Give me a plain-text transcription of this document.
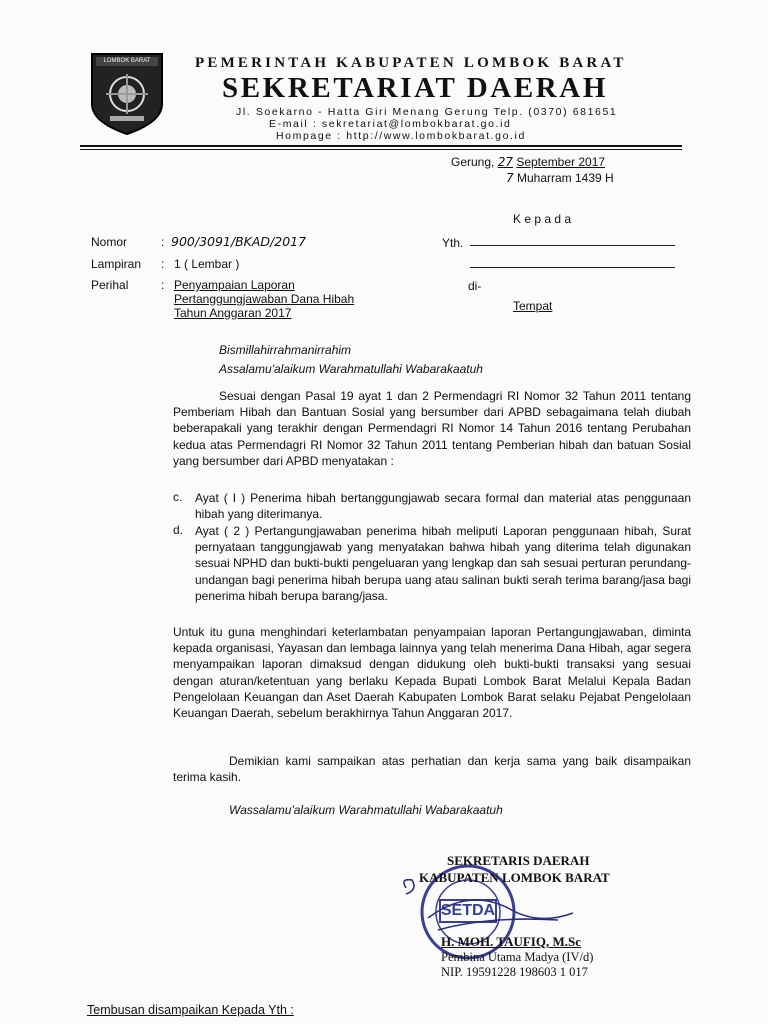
LOMBOK BARAT	PEMERINTAH KABUPATEN LOMBOK BARAT
SEKRETARIAT DAERAH
Jl. Soekarno - Hatta Giri Menang Gerung Telp. (0370) 681651
E-mail : sekretariat@lombokbarat.go.id
Hompage : http://www.lombokbarat.go.id
Gerung, 27 September 2017
7 Muharram 1439 H
K e p a d a
Yth.
di-
Tempat
Nomor	: 900/3091/BKAD/2017
Lampiran : 1 ( Lembar )
Perihal	: Penyampaian Laporan
Pertanggungjawaban Dana Hibah
Tahun Anggaran 2017
Bismillahirrahmanirrahim
Assalamu'alaikum Warahmatullahi Wabarakaatuh
Sesuai dengan Pasal 19 ayat 1 dan 2 Permendagri RI Nomor 32 Tahun 2011 tentang Pemberiam Hibah dan Bantuan Sosial yang bersumber dari APBD sebagaimana telah diubah beberapakali yang terakhir dengan Permendagri RI Nomor 14 Tahun 2016 tentang Perubahan kedua atas Permendagri RI Nomor 32 Tahun 2011 tentang Pemberian hibah dan batuan Sosial yang bersumber dari APBD menyatakan :
c. Ayat ( I ) Penerima hibah bertanggungjawab secara formal dan material atas penggunaan hibah yang diterimanya.
d. Ayat ( 2 ) Pertangungjawaban penerima hibah meliputi Laporan penggunaan hibah, Surat pernyataan tanggungjawab yang menyatakan bahwa hibah yang diterima telah digunakan sesuai NPHD dan bukti-bukti pengeluaran yang lengkap dan sah sesuai perturan perundang-undangan bagi penerima hibah berupa uang atau salinan bukti serah terima barang/jasa bagi penerima hibah berupa barang/jasa.
Untuk itu guna menghindari keterlambatan penyampaian laporan Pertangungjawaban, diminta kepada organisasi, Yayasan dan lembaga lainnya yang telah menerima Dana Hibah, agar segera menyampaikan laporan dimaksud dengan didukung oleh bukti-bukti transaksi yang sesuai dengan aturan/ketentuan yang berlaku Kepada Bupati Lombok Barat Melalui Kepala Badan Pengelolaan Keuangan dan Aset Daerah Kabupaten Lombok Barat selaku Pejabat Pengelolaan Keuangan Daerah, sebelum berakhirnya Tahun Anggaran 2017.
Demikian kami sampaikan atas perhatian dan kerja sama yang baik disampaikan terima kasih.
Wassalamu'alaikum Warahmatullahi Wabarakaatuh
SETDA
SEKRETARIS DAERAH
KABUPATEN LOMBOK BARAT
H. MOH. TAUFIQ, M.Sc
Pembina Utama Madya (IV/d)
NIP. 19591228 198603 1 017
Tembusan disampaikan Kepada Yth :
